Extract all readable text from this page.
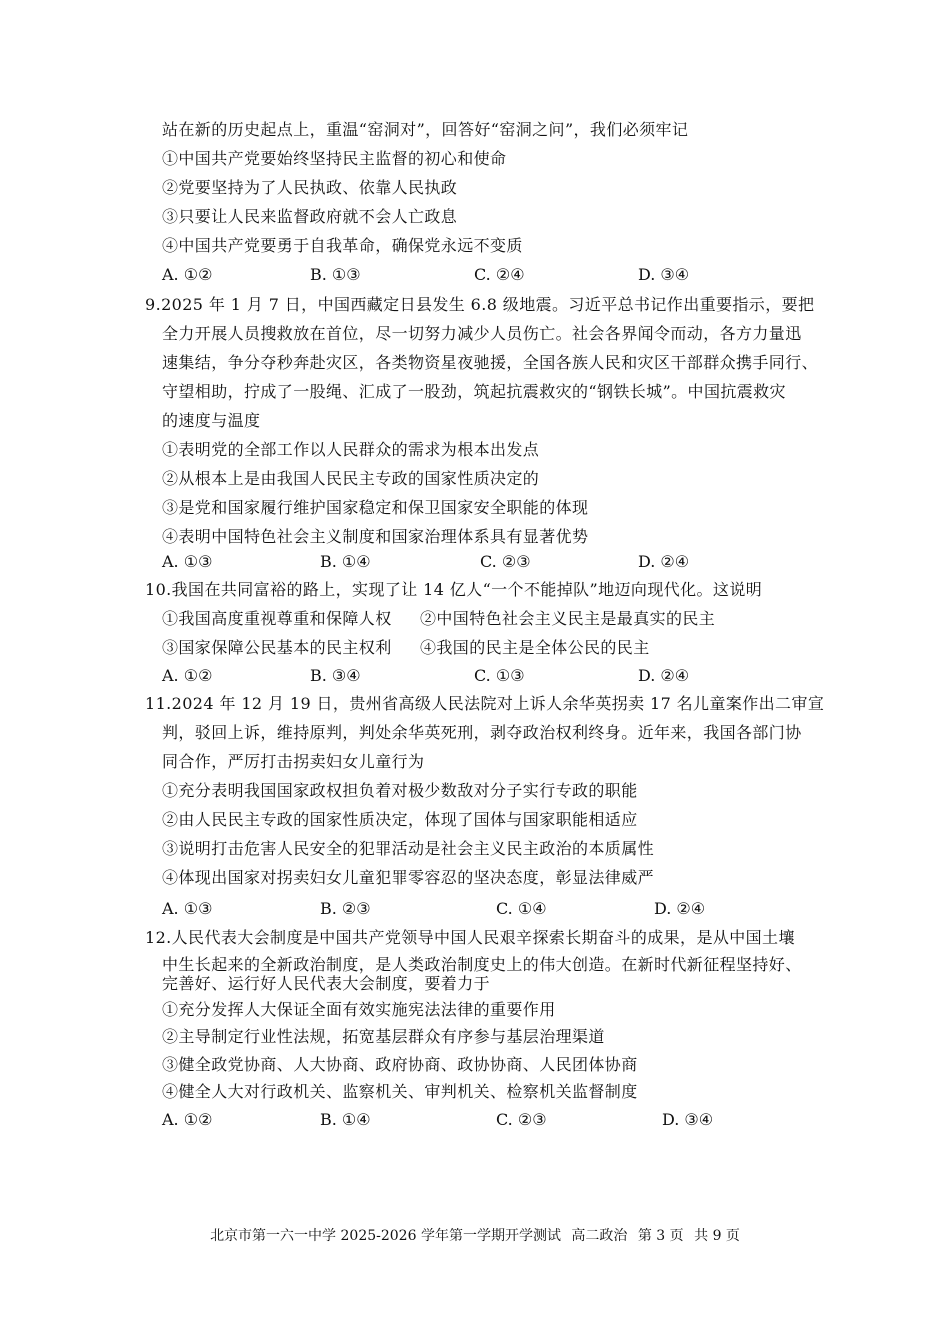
站在新的历史起点上，重温“窑洞对”，回答好“窑洞之问”，我们必须牢记
①中国共产党要始终坚持民主监督的初心和使命
②党要坚持为了人民执政、依靠人民执政
③只要让人民来监督政府就不会人亡政息
④中国共产党要勇于自我革命，确保党永远不变质
A. ①②	B. ①③	C. ②④	D. ③④
9.2025 年 1 月 7 日，中国西藏定日县发生 6.8 级地震。习近平总书记作出重要指示，要把
全力开展人员搜救放在首位，尽一切努力减少人员伤亡。社会各界闻令而动，各方力量迅
速集结，争分夺秒奔赴灾区，各类物资星夜驰援，全国各族人民和灾区干部群众携手同行、
守望相助，拧成了一股绳、汇成了一股劲，筑起抗震救灾的“钢铁长城”。中国抗震救灾
的速度与温度
①表明党的全部工作以人民群众的需求为根本出发点
②从根本上是由我国人民民主专政的国家性质决定的
③是党和国家履行维护国家稳定和保卫国家安全职能的体现
④表明中国特色社会主义制度和国家治理体系具有显著优势
A. ①③	B. ①④	C. ②③	D. ②④
10.我国在共同富裕的路上，实现了让 14 亿人“一个不能掉队”地迈向现代化。这说明
①我国高度重视尊重和保障人权 ②中国特色社会主义民主是最真实的民主
③国家保障公民基本的民主权利 ④我国的民主是全体公民的民主
A. ①②	B. ③④	C. ①③	D. ②④
11.2024 年 12 月 19 日，贵州省高级人民法院对上诉人余华英拐卖 17 名儿童案作出二审宣
判，驳回上诉，维持原判，判处余华英死刑，剥夺政治权利终身。近年来，我国各部门协
同合作，严厉打击拐卖妇女儿童行为
①充分表明我国国家政权担负着对极少数敌对分子实行专政的职能
②由人民民主专政的国家性质决定，体现了国体与国家职能相适应
③说明打击危害人民安全的犯罪活动是社会主义民主政治的本质属性
④体现出国家对拐卖妇女儿童犯罪零容忍的坚决态度，彰显法律威严
A. ①③	B. ②③	C. ①④	D. ②④
12.人民代表大会制度是中国共产党领导中国人民艰辛探索长期奋斗的成果，是从中国土壤
中生长起来的全新政治制度，是人类政治制度史上的伟大创造。在新时代新征程坚持好、
完善好、运行好人民代表大会制度，要着力于
①充分发挥人大保证全面有效实施宪法法律的重要作用
②主导制定行业性法规，拓宽基层群众有序参与基层治理渠道
③健全政党协商、人大协商、政府协商、政协协商、人民团体协商
④健全人大对行政机关、监察机关、审判机关、检察机关监督制度
A. ①②	B. ①④	C. ②③	D. ③④
北京市第一六一中学 2025-2026 学年第一学期开学测试 高二政治 第 3 页 共 9 页
